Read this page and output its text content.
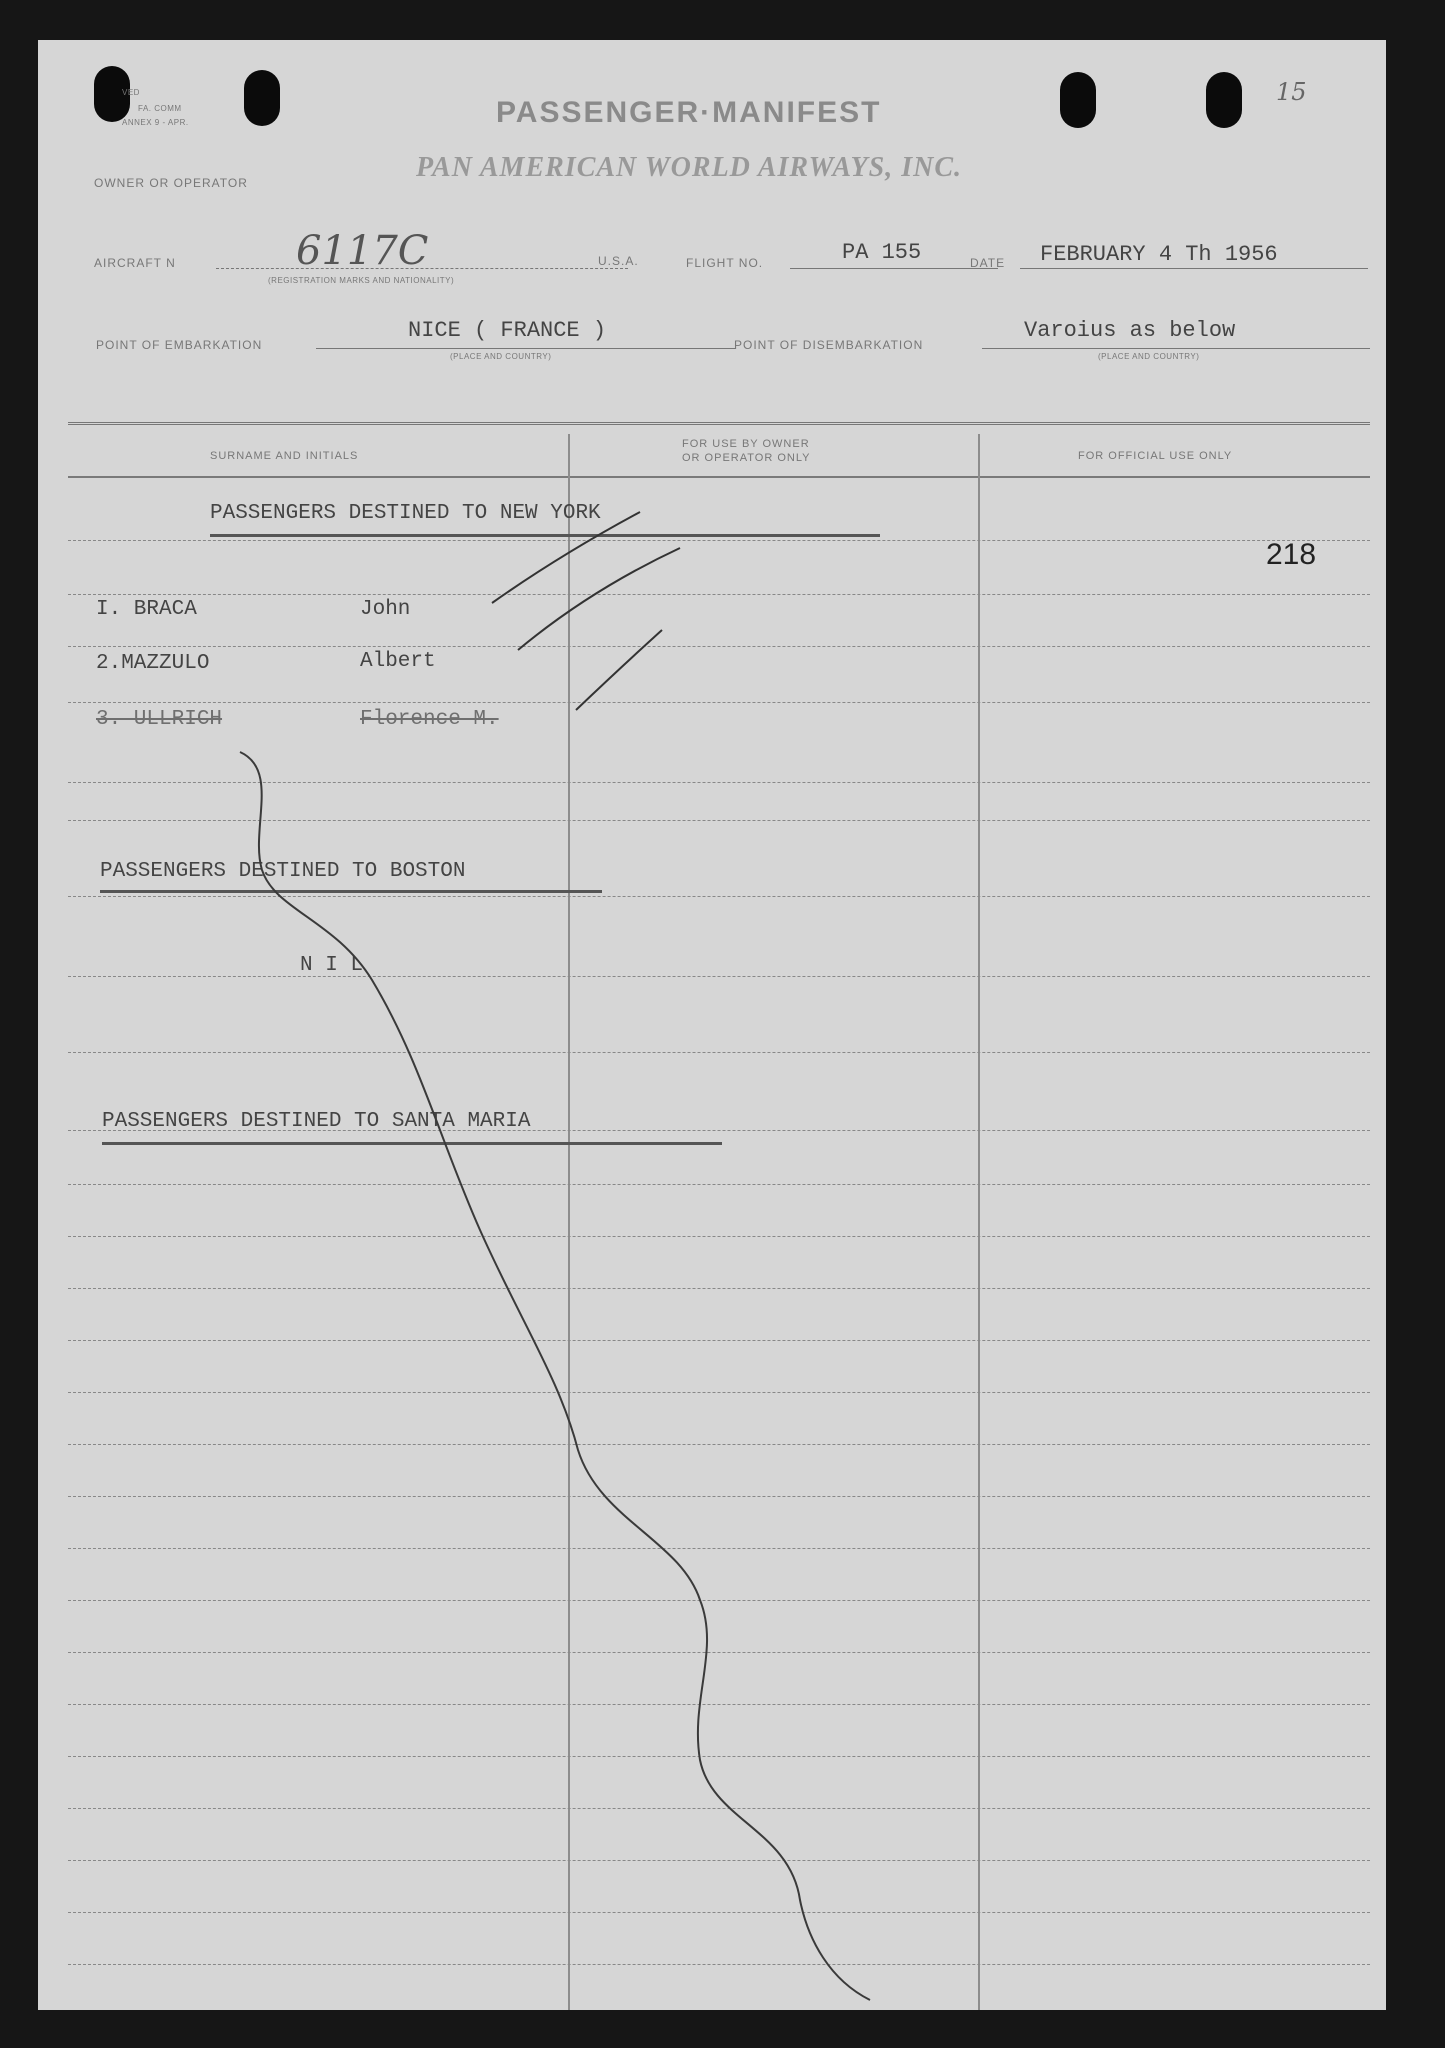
VED
FA. COMM
ANNEX 9 - APR.	PASSENGER·MANIFEST
15
OWNER OR OPERATOR	PAN AMERICAN WORLD AIRWAYS, INC.
AIRCRAFT N	6117C
(REGISTRATION MARKS AND NATIONALITY)
U.S.A.	FLIGHT NO.	PA 155	DATE FEBRUARY 4 Th 1956
POINT OF EMBARKATION
NICE ( FRANCE )
(PLACE AND COUNTRY)
POINT OF DISEMBARKATION
Varoius as below
(PLACE AND COUNTRY)
SURNAME AND INITIALS
FOR USE BY OWNER
OR OPERATOR ONLY	FOR OFFICIAL USE ONLY
PASSENGERS DESTINED TO NEW YORK
218
I. BRACA	John
2.MAZZULO	Albert
3. ULLRICH	Florence M.
PASSENGERS DESTINED TO BOSTON
N I L
PASSENGERS DESTINED TO SANTA MARIA
